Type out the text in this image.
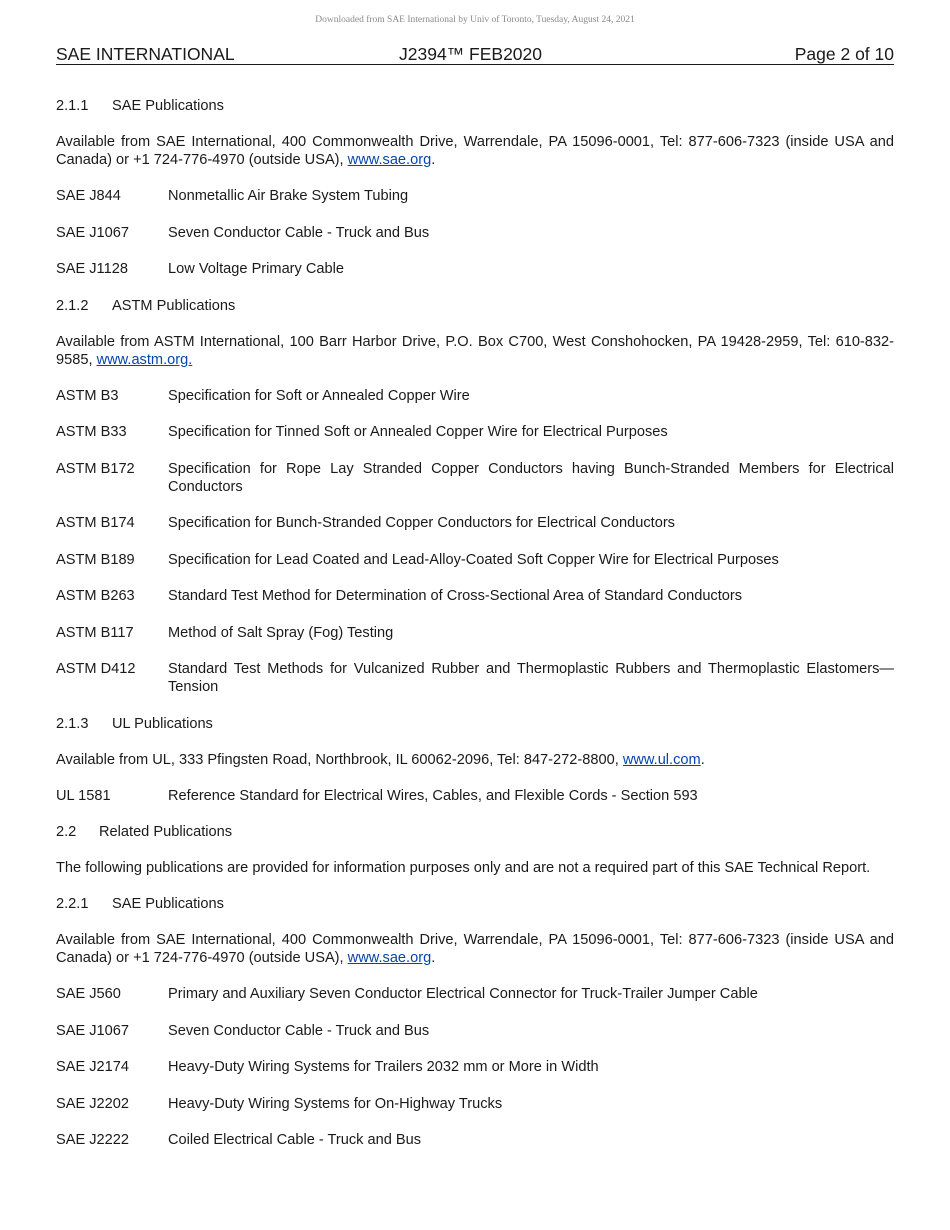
Downloaded from SAE International by Univ of Toronto, Tuesday, August 24, 2021
SAE INTERNATIONAL	J2394™ FEB2020	Page 2 of 10
2.1.1 SAE Publications

Available from SAE International, 400 Commonwealth Drive, Warrendale, PA 15096-0001, Tel: 877-606-7323 (inside USA and Canada) or +1 724-776-4970 (outside USA), www.sae.org.

SAE J844	Nonmetallic Air Brake System Tubing
SAE J1067	Seven Conductor Cable - Truck and Bus
SAE J1128	Low Voltage Primary Cable
2.1.2 ASTM Publications

Available from ASTM International, 100 Barr Harbor Drive, P.O. Box C700, West Conshohocken, PA 19428-2959, Tel: 610-832-9585, www.astm.org.

ASTM B3	Specification for Soft or Annealed Copper Wire
ASTM B33	Specification for Tinned Soft or Annealed Copper Wire for Electrical Purposes
ASTM B172	Specification for Rope Lay Stranded Copper Conductors having Bunch-Stranded Members for Electrical Conductors
ASTM B174	Specification for Bunch-Stranded Copper Conductors for Electrical Conductors
ASTM B189	Specification for Lead Coated and Lead-Alloy-Coated Soft Copper Wire for Electrical Purposes
ASTM B263	Standard Test Method for Determination of Cross-Sectional Area of Standard Conductors
ASTM B117	Method of Salt Spray (Fog) Testing
ASTM D412	Standard Test Methods for Vulcanized Rubber and Thermoplastic Rubbers and Thermoplastic Elastomers—Tension
2.1.3 UL Publications

Available from UL, 333 Pfingsten Road, Northbrook, IL 60062-2096, Tel: 847-272-8800, www.ul.com.

UL 1581	Reference Standard for Electrical Wires, Cables, and Flexible Cords - Section 593
2.2 Related Publications

The following publications are provided for information purposes only and are not a required part of this SAE Technical Report.

2.2.1 SAE Publications

Available from SAE International, 400 Commonwealth Drive, Warrendale, PA 15096-0001, Tel: 877-606-7323 (inside USA and Canada) or +1 724-776-4970 (outside USA), www.sae.org.

SAE J560	Primary and Auxiliary Seven Conductor Electrical Connector for Truck-Trailer Jumper Cable
SAE J1067	Seven Conductor Cable - Truck and Bus
SAE J2174	Heavy-Duty Wiring Systems for Trailers 2032 mm or More in Width
SAE J2202	Heavy-Duty Wiring Systems for On-Highway Trucks
SAE J2222	Coiled Electrical Cable - Truck and Bus
